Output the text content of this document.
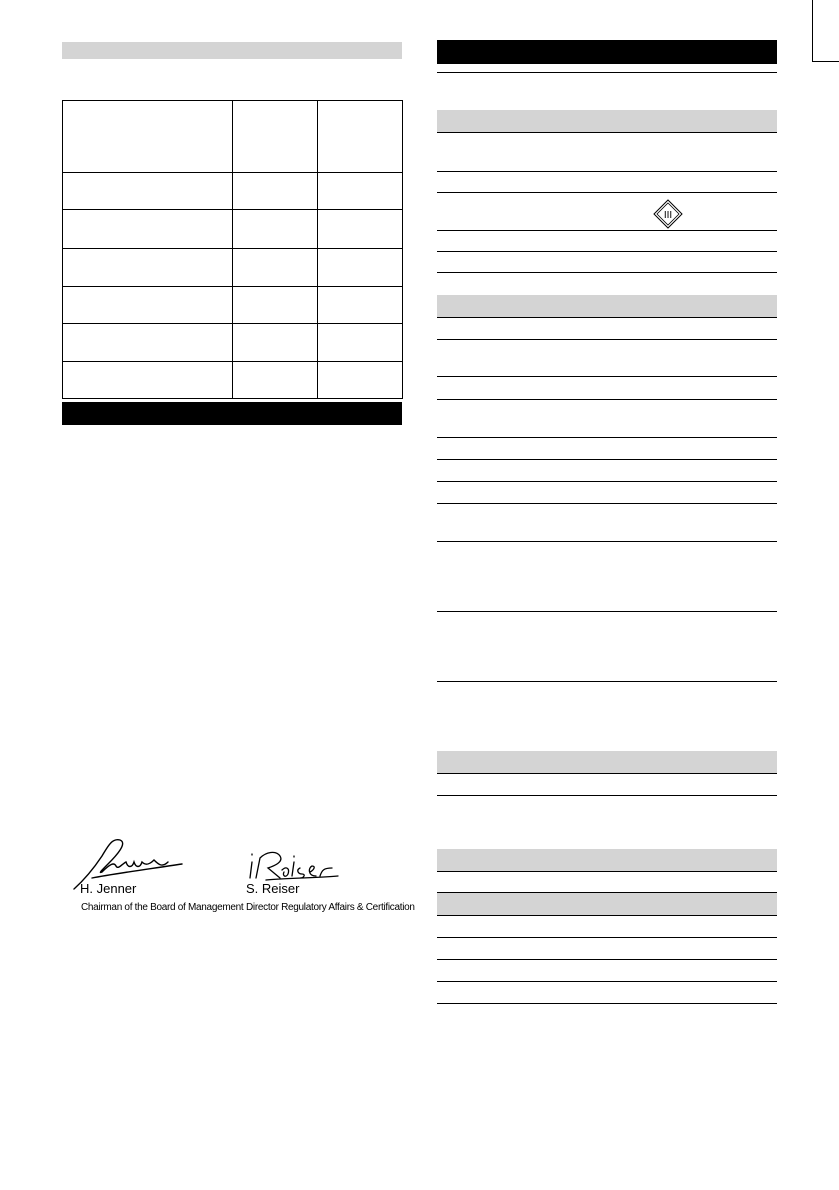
H. Jenner
Chairman of the Board of Management
S. Reiser
Director Regulatory Affairs & Certification
III
